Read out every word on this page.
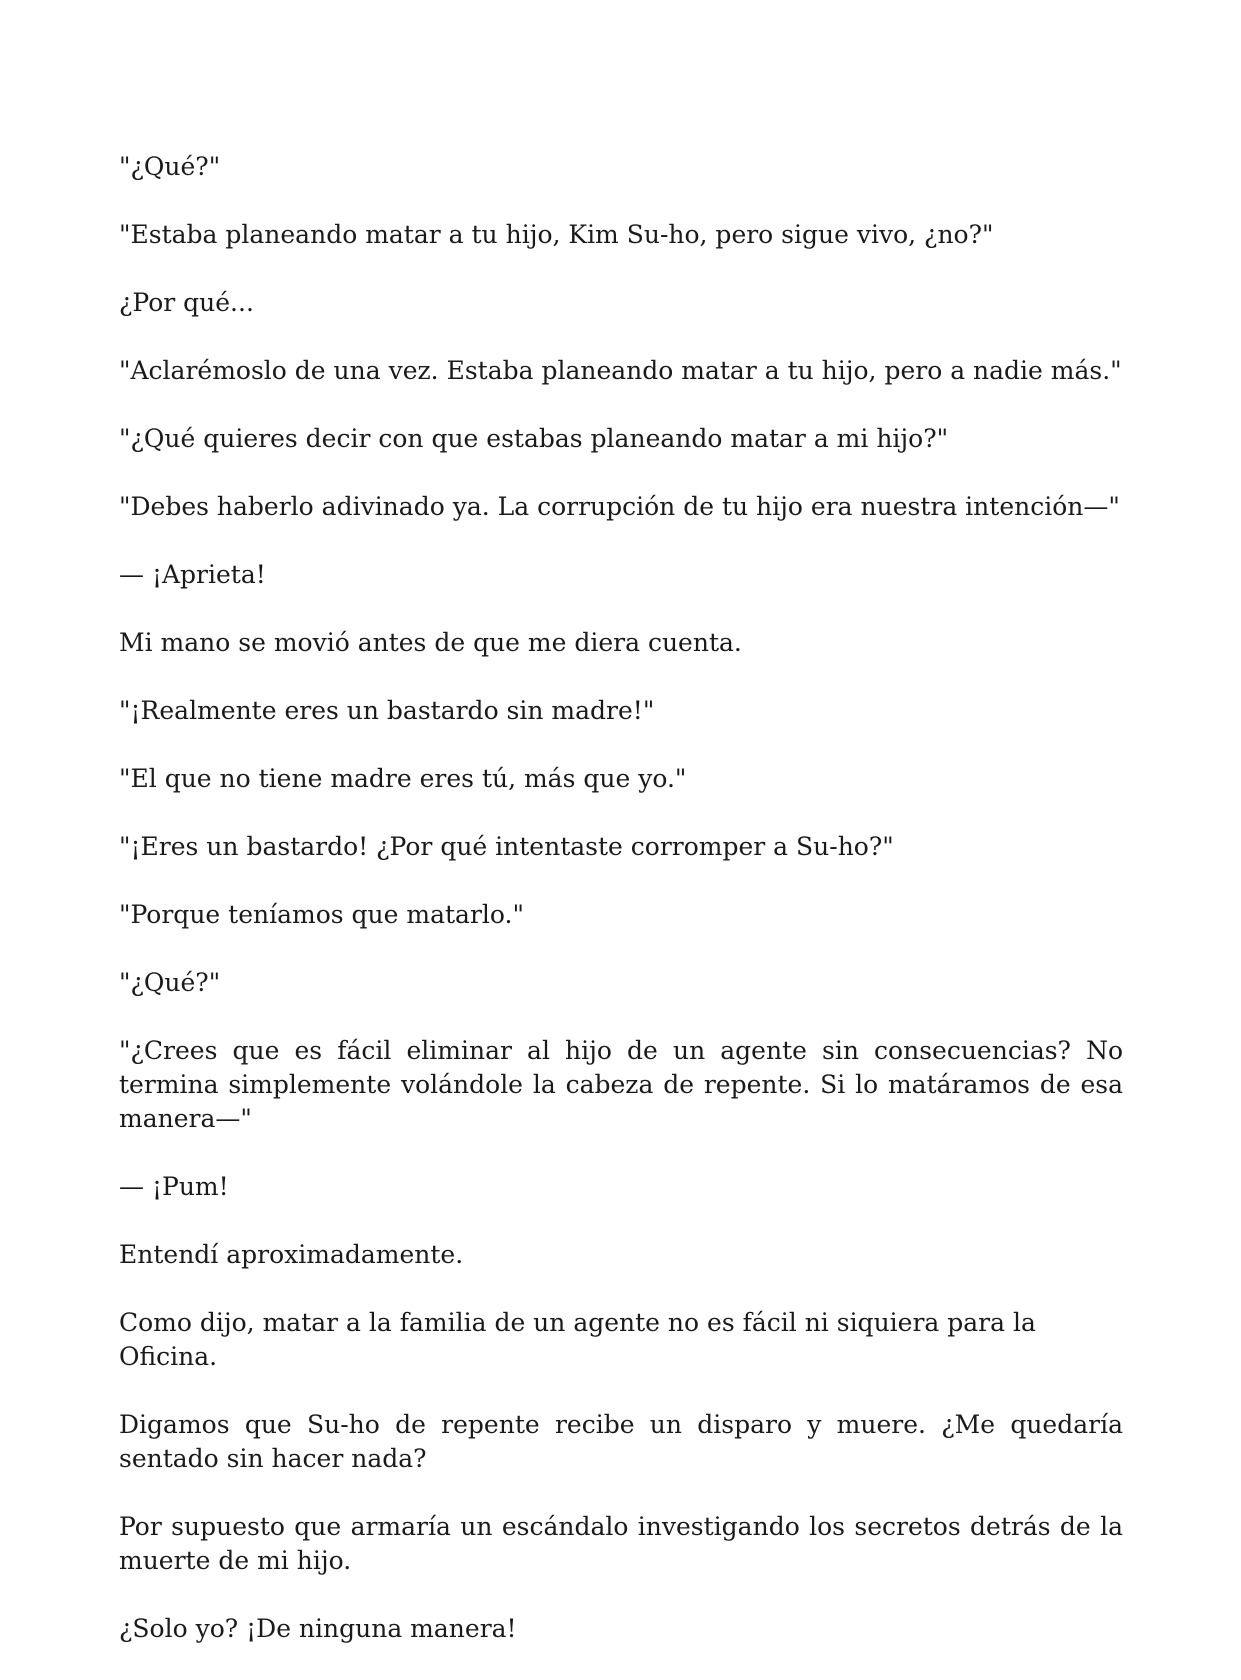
"¿Qué?"

"Estaba planeando matar a tu hijo, Kim Su-ho, pero sigue vivo, ¿no?"

¿Por qué...

"Aclarémoslo de una vez. Estaba planeando matar a tu hijo, pero a nadie más."

"¿Qué quieres decir con que estabas planeando matar a mi hijo?"

"Debes haberlo adivinado ya. La corrupción de tu hijo era nuestra intención—"

— ¡Aprieta!

Mi mano se movió antes de que me diera cuenta.

"¡Realmente eres un bastardo sin madre!"

"El que no tiene madre eres tú, más que yo."

"¡Eres un bastardo! ¿Por qué intentaste corromper a Su-ho?"

"Porque teníamos que matarlo."

"¿Qué?"

"¿Crees que es fácil eliminar al hijo de un agente sin consecuencias? No termina simplemente volándole la cabeza de repente. Si lo matáramos de esa manera—"

— ¡Pum!

Entendí aproximadamente.

Como dijo, matar a la familia de un agente no es fácil ni siquiera para la Oficina.

Digamos que Su-ho de repente recibe un disparo y muere. ¿Me quedaría sentado sin hacer nada?

Por supuesto que armaría un escándalo investigando los secretos detrás de la muerte de mi hijo.

¿Solo yo? ¡De ninguna manera!
